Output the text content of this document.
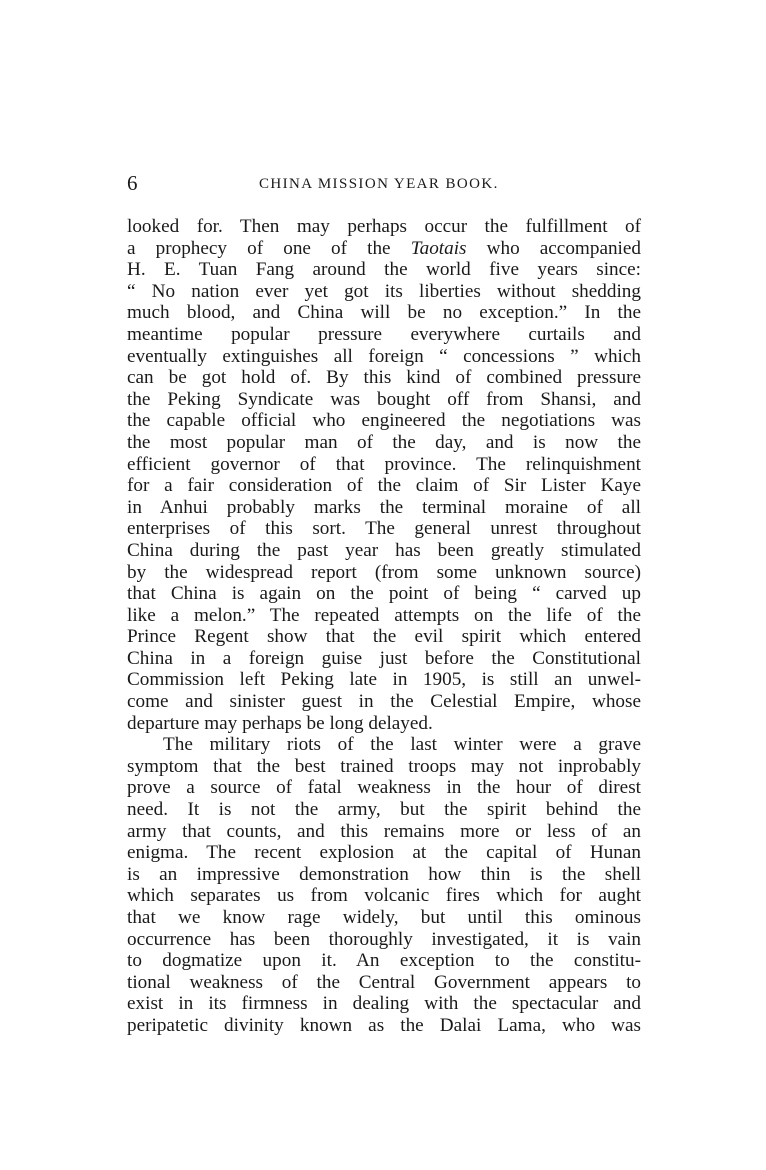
6	CHINA MISSION YEAR BOOK.
looked for. Then may perhaps occur the fulfillment of
a prophecy of one of the Taotais who accompanied
H. E. Tuan Fang around the world five years since:
“ No nation ever yet got its liberties without shedding
much blood, and China will be no exception.” In the
meantime popular pressure everywhere curtails and
eventually extinguishes all foreign “ concessions ” which
can be got hold of. By this kind of combined pressure
the Peking Syndicate was bought off from Shansi, and
the capable official who engineered the negotiations was
the most popular man of the day, and is now the
efficient governor of that province. The relinquishment
for a fair consideration of the claim of Sir Lister Kaye
in Anhui probably marks the terminal moraine of all
enterprises of this sort. The general unrest throughout
China during the past year has been greatly stimulated
by the widespread report (from some unknown source)
that China is again on the point of being “ carved up
like a melon.” The repeated attempts on the life of the
Prince Regent show that the evil spirit which entered
China in a foreign guise just before the Constitutional
Commission left Peking late in 1905, is still an unwel-
come and sinister guest in the Celestial Empire, whose
departure may perhaps be long delayed.
The military riots of the last winter were a grave
symptom that the best trained troops may not inprobably
prove a source of fatal weakness in the hour of direst
need. It is not the army, but the spirit behind the
army that counts, and this remains more or less of an
enigma. The recent explosion at the capital of Hunan
is an impressive demonstration how thin is the shell
which separates us from volcanic fires which for aught
that we know rage widely, but until this ominous
occurrence has been thoroughly investigated, it is vain
to dogmatize upon it. An exception to the constitu-
tional weakness of the Central Government appears to
exist in its firmness in dealing with the spectacular and
peripatetic divinity known as the Dalai Lama, who was
